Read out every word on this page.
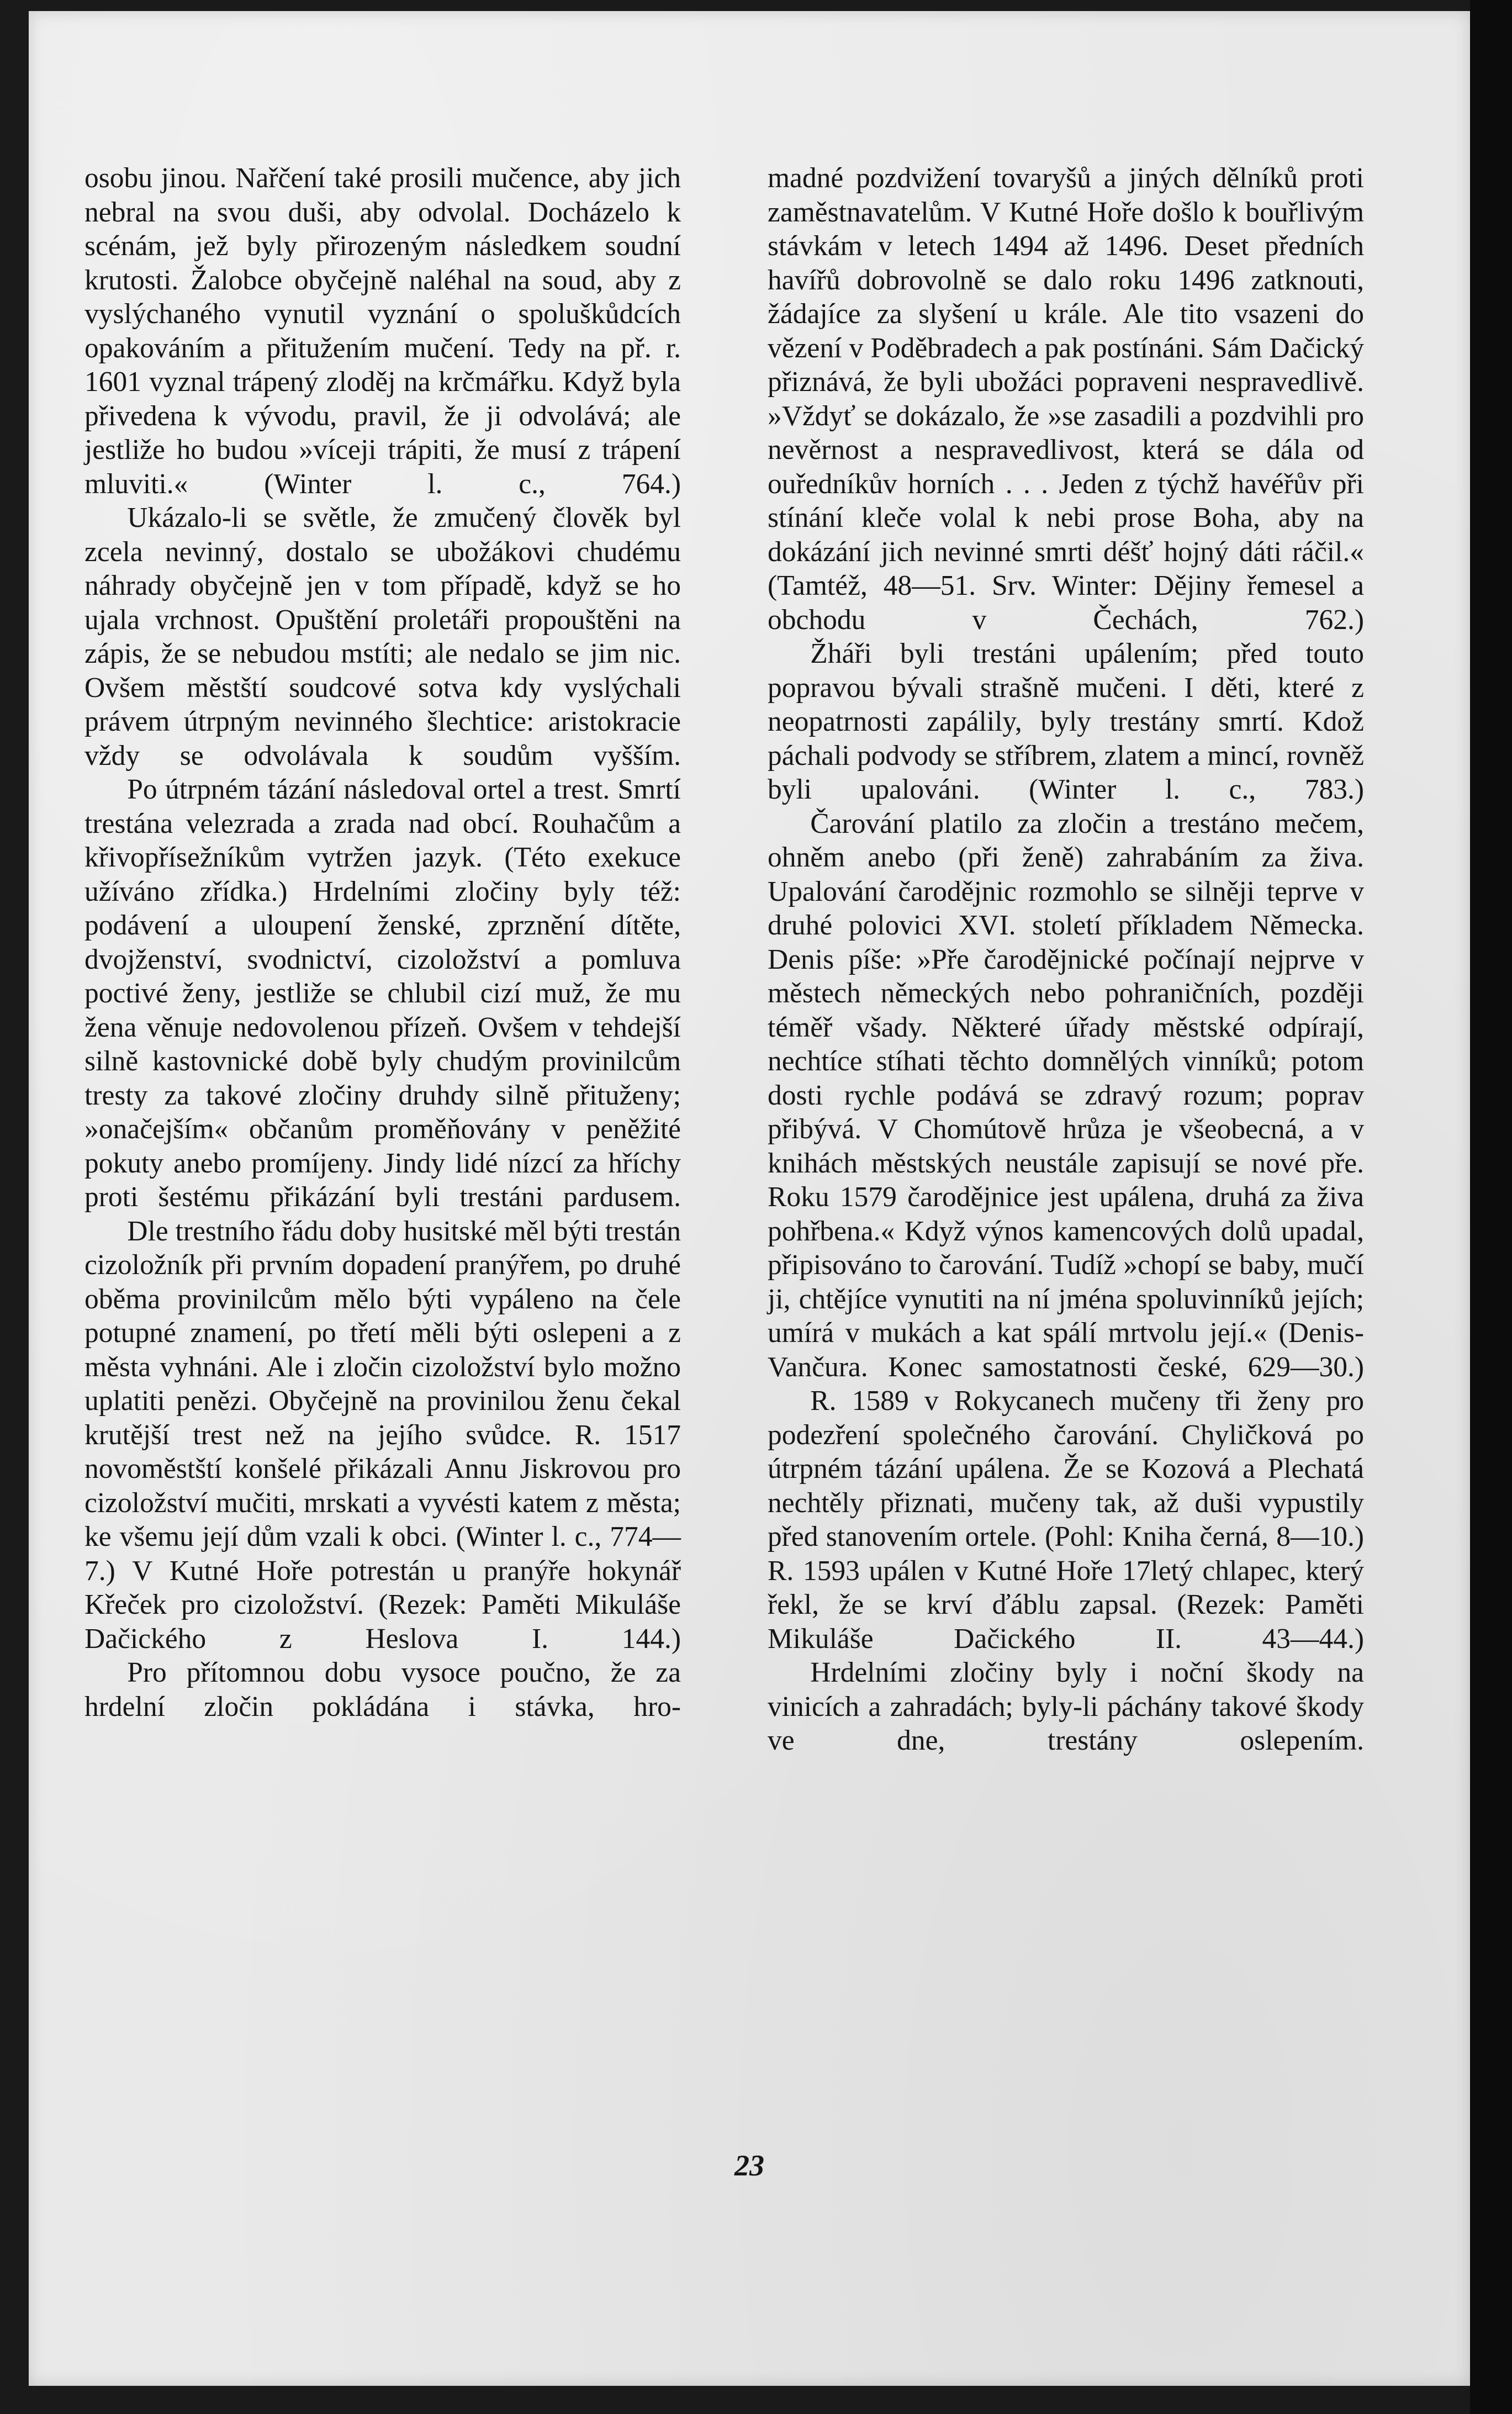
osobu jinou. Nařčení také prosili mučence, aby jich nebral na svou duši, aby odvolal. Docházelo k scénám, jež byly přirozeným následkem soudní krutosti. Žalobce obyčejně naléhal na soud, aby z vyslýchaného vynutil vyznání o spoluškůdcích opakováním a přitužením mučení. Tedy na př. r. 1601 vyznal trápený zloděj na krčmářku. Když byla přivedena k vývodu, pravil, že ji odvolává; ale jestliže ho budou »víceji trápiti, že musí z trápení mluviti.« (Winter l. c., 764.)

Ukázalo-li se světle, že zmučený člověk byl zcela nevinný, dostalo se ubožákovi chudému náhrady obyčejně jen v tom případě, když se ho ujala vrchnost. Opuštění proletáři propouštěni na zápis, že se nebudou mstíti; ale nedalo se jim nic. Ovšem městští soudcové sotva kdy vyslýchali právem útrpným nevinného šlechtice: aristokracie vždy se odvolávala k soudům vyšším.

Po útrpném tázání následoval ortel a trest. Smrtí trestána velezrada a zrada nad obcí. Rouhačům a křivopřísežníkům vytržen jazyk. (Této exekuce užíváno zřídka.) Hrdelními zločiny byly též: podávení a uloupení ženské, zprznění dítěte, dvojženství, svodnictví, cizoložství a pomluva poctivé ženy, jestliže se chlubil cizí muž, že mu žena věnuje nedovolenou přízeň. Ovšem v tehdejší silně kastovnické době byly chudým provinilcům tresty za takové zločiny druhdy silně přituženy; »onačejším« občanům proměňovány v peněžité pokuty anebo promíjeny. Jindy lidé nízcí za hříchy proti šestému přikázání byli trestáni pardusem.

Dle trestního řádu doby husitské měl býti trestán cizoložník při prvním dopadení pranýřem, po druhé oběma provinilcům mělo býti vypáleno na čele potupné znamení, po třetí měli býti oslepeni a z města vyhnáni. Ale i zločin cizoložství bylo možno uplatiti penězi. Obyčejně na provinilou ženu čekal krutější trest než na jejího svůdce. R. 1517 novoměstští konšelé přikázali Annu Jiskrovou pro cizoložství mučiti, mrskati a vyvésti katem z města; ke všemu její dům vzali k obci. (Winter l. c., 774—7.) V Kutné Hoře potrestán u pranýře hokynář Křeček pro cizoložství. (Rezek: Paměti Mikuláše Dačického z Heslova I. 144.)

Pro přítomnou dobu vysoce poučno, že za hrdelní zločin pokládána i stávka, hro-

madné pozdvižení tovaryšů a jiných dělníků proti zaměstnavatelům. V Kutné Hoře došlo k bouřlivým stávkám v letech 1494 až 1496. Deset předních havířů dobrovolně se dalo roku 1496 zatknouti, žádajíce za slyšení u krále. Ale tito vsazeni do vězení v Poděbradech a pak postínáni. Sám Dačický přiznává, že byli ubožáci popraveni nespravedlivě. »Vždyť se dokázalo, že »se zasadili a pozdvihli pro nevěrnost a nespravedlivost, která se dála od ouředníkův horních . . . Jeden z týchž havéřův při stínání kleče volal k nebi prose Boha, aby na dokázání jich nevinné smrti déšť hojný dáti ráčil.« (Tamtéž, 48—51. Srv. Winter: Dějiny řemesel a obchodu v Čechách, 762.)

Žháři byli trestáni upálením; před touto popravou bývali strašně mučeni. I děti, které z neopatrnosti zapálily, byly trestány smrtí. Kdož páchali podvody se stříbrem, zlatem a mincí, rovněž byli upalováni. (Winter l. c., 783.)

Čarování platilo za zločin a trestáno mečem, ohněm anebo (při ženě) zahrabáním za živa. Upalování čarodějnic rozmohlo se silněji teprve v druhé polovici XVI. století příkladem Německa. Denis píše: »Pře čarodějnické počínají nejprve v městech německých nebo pohraničních, později téměř všady. Některé úřady městské odpírají, nechtíce stíhati těchto domnělých vinníků; potom dosti rychle podává se zdravý rozum; poprav přibývá. V Chomútově hrůza je všeobecná, a v knihách městských neustále zapisují se nové pře. Roku 1579 čarodějnice jest upálena, druhá za živa pohřbena.« Když výnos kamencových dolů upadal, připisováno to čarování. Tudíž »chopí se baby, mučí ji, chtějíce vynutiti na ní jména spoluvinníků jejích; umírá v mukách a kat spálí mrtvolu její.« (Denis-Vančura. Konec samostatnosti české, 629—30.)

R. 1589 v Rokycanech mučeny tři ženy pro podezření společného čarování. Chyličková po útrpném tázání upálena. Že se Kozová a Plechatá nechtěly přiznati, mučeny tak, až duši vypustily před stanovením ortele. (Pohl: Kniha černá, 8—10.) R. 1593 upálen v Kutné Hoře 17letý chlapec, který řekl, že se krví ďáblu zapsal. (Rezek: Paměti Mikuláše Dačického II. 43—44.)

Hrdelními zločiny byly i noční škody na vinicích a zahradách; byly-li páchány takové škody ve dne, trestány oslepením.

23
